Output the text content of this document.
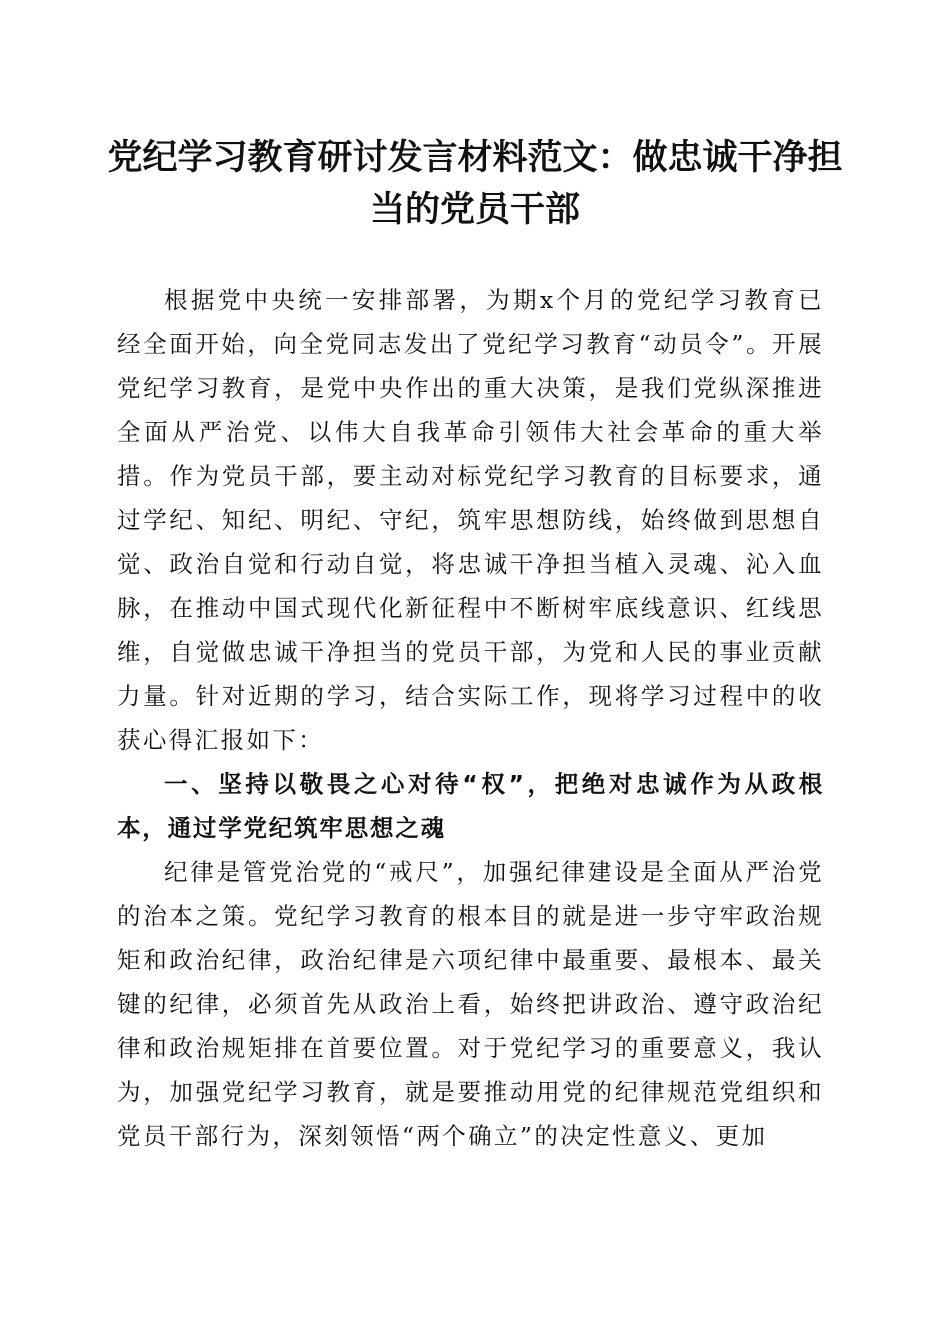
党纪学习教育研讨发言材料范文：做忠诚干净担当的党员干部

根据党中央统一安排部署，为期x个月的党纪学习教育已经全面开始，向全党同志发出了党纪学习教育“动员令”。开展党纪学习教育，是党中央作出的重大决策，是我们党纵深推进全面从严治党、以伟大自我革命引领伟大社会革命的重大举措。作为党员干部，要主动对标党纪学习教育的目标要求，通过学纪、知纪、明纪、守纪，筑牢思想防线，始终做到思想自觉、政治自觉和行动自觉，将忠诚干净担当植入灵魂、沁入血脉，在推动中国式现代化新征程中不断树牢底线意识、红线思维，自觉做忠诚干净担当的党员干部，为党和人民的事业贡献力量。针对近期的学习，结合实际工作，现将学习过程中的收获心得汇报如下：

一、坚持以敬畏之心对待“权”，把绝对忠诚作为从政根本，通过学党纪筑牢思想之魂

纪律是管党治党的“戒尺”，加强纪律建设是全面从严治党的治本之策。党纪学习教育的根本目的就是进一步守牢政治规矩和政治纪律，政治纪律是六项纪律中最重要、最根本、最关键的纪律，必须首先从政治上看，始终把讲政治、遵守政治纪律和政治规矩排在首要位置。对于党纪学习的重要意义，我认为，加强党纪学习教育，就是要推动用党的纪律规范党组织和党员干部行为，深刻领悟“两个确立”的决定性意义、更加
